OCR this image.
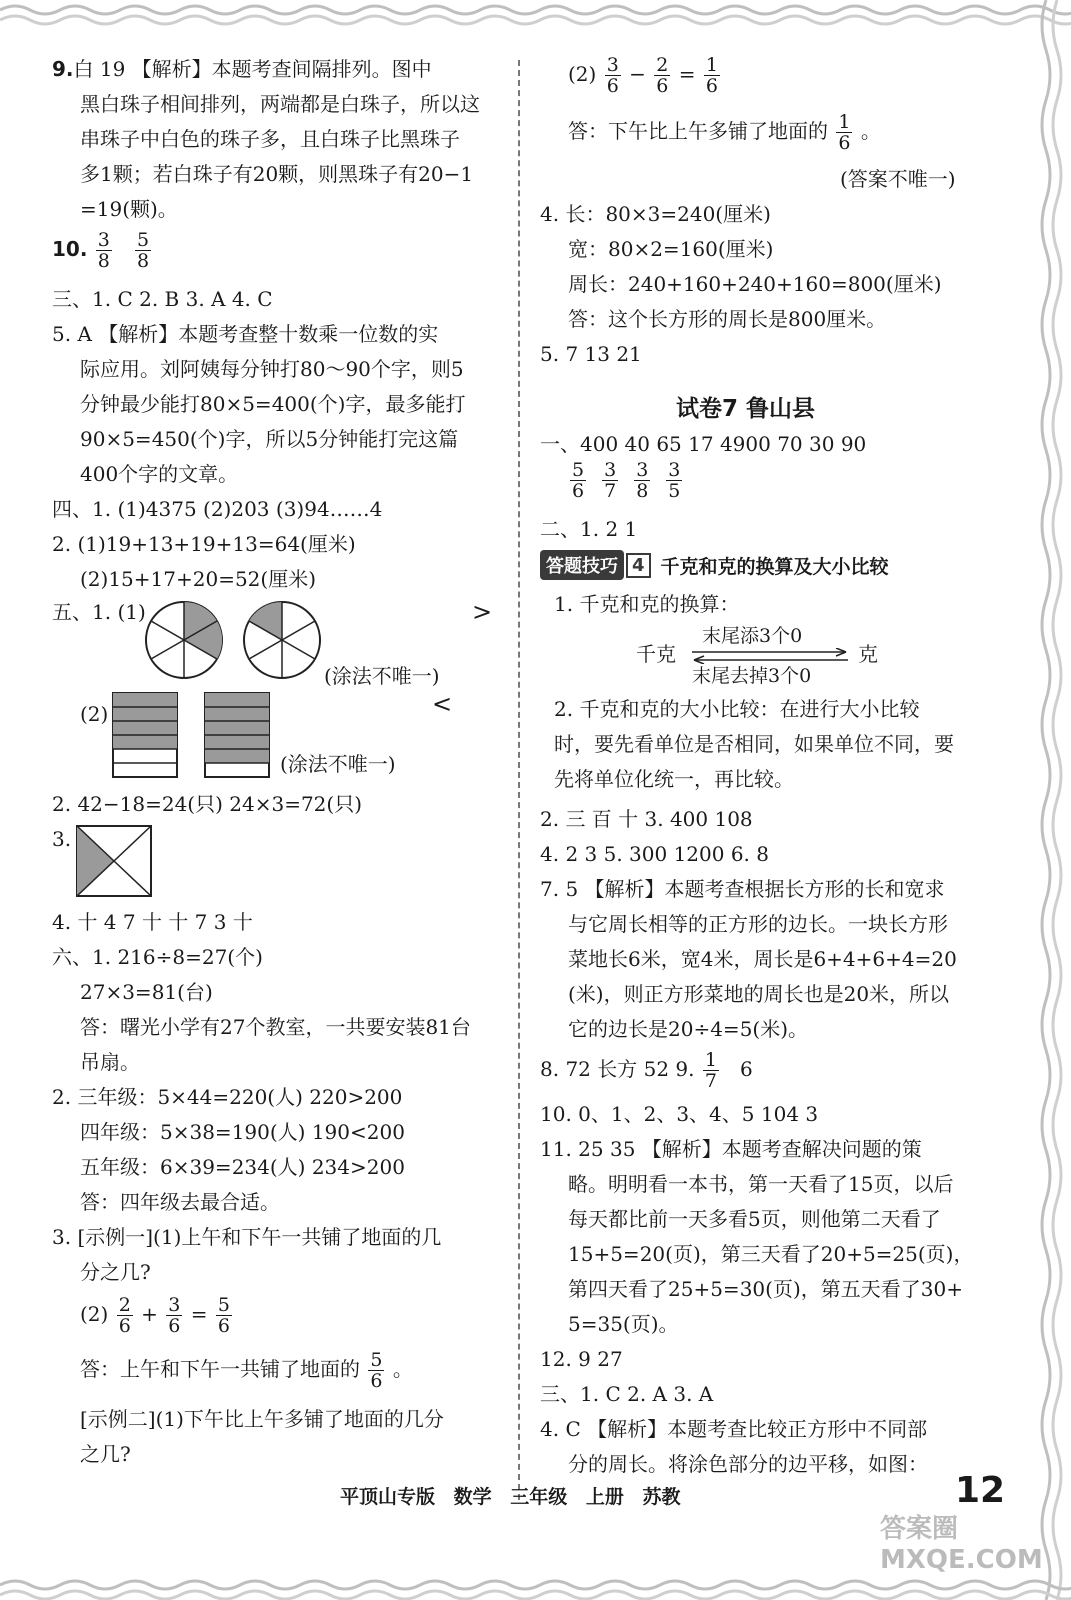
9.白 19 【解析】本题考查间隔排列。图中
黑白珠子相间排列，两端都是白珠子，所以这
串珠子中白色的珠子多，且白珠子比黑珠子
多1颗；若白珠子有20颗，则黑珠子有20−1
=19(颗)。
10. $\frac{3}{8}$
$\frac{5}{8}$
三、1. C 2. B 3. A 4. C
5. A 【解析】本题考查整十数乘一位数的实
际应用。刘阿姨每分钟打80～90个字，则5
分钟最少能打80×5=400(个)字，最多能打
90×5=450(个)字，所以5分钟能打完这篇
400个字的文章。
四、1. (1)4375 (2)203 (3)94……4
2. (1)19+13+19+13=64(厘米)
(2)15+17+20=52(厘米)
五、1. (1)	>
(涂法不唯一)
(2)	<
(涂法不唯一)
2. 42−18=24(只) 24×3=72(只)
3.
4. 十 4 7 十 十 7 3 十
六、1. 216÷8=27(个)
27×3=81(台)
答：曙光小学有27个教室，一共要安装81台
吊扇。
2. 三年级：5×44=220(人) 220>200
四年级：5×38=190(人) 190<200
五年级：6×39=234(人) 234>200
答：四年级去最合适。
3. [示例一](1)上午和下午一共铺了地面的几
分之几?
$(2) \frac{2}{6} + \frac{3}{6} = \frac{5}{6}$
答：上午和下午一共铺了地面的 $\frac{5}{6}$ 。
[示例二](1)下午比上午多铺了地面的几分
之几?
$(2) \frac{3}{6} - \frac{2}{6} = \frac{1}{6}$
答：下午比上午多铺了地面的 $\frac{1}{6}$ 。
(答案不唯一)
4. 长：80×3=240(厘米)
宽：80×2=160(厘米)
周长：240+160+240+160=800(厘米)
答：这个长方形的周长是800厘米。
5. 7 13 21
试卷7 鲁山县
一、400 40 65 17 4900 70 30 90
$\frac{5}{6} \frac{3}{7} \frac{3}{8} \frac{3}{5}$
二、1. 2 1
答题技巧 4 千克和克的换算及大小比较
1. 千克和克的换算：
千克
末尾添3个0
末尾去掉3个0
克
2. 千克和克的大小比较：在进行大小比较
时，要先看单位是否相同，如果单位不同，要
先将单位化统一，再比较。
2. 三 百 十 3. 400 108
4. 2 3 5. 300 1200 6. 8
7. 5 【解析】本题考查根据长方形的长和宽求
与它周长相等的正方形的边长。一块长方形
菜地长6米，宽4米，周长是6+4+6+4=20
(米)，则正方形菜地的周长也是20米，所以
它的边长是20÷4=5(米)。
8. 72 长方 52 9. $\frac{1}{7} 6$
10. 0、1、2、3、4、5 104 3
11. 25 35 【解析】本题考查解决问题的策
略。明明看一本书，第一天看了15页，以后
每天都比前一天多看5页，则他第二天看了
15+5=20(页)，第三天看了20+5=25(页)，
第四天看了25+5=30(页)，第五天看了30+
5=35(页)。
12. 9 27
三、1. C 2. A 3. A
4. C 【解析】本题考查比较正方形中不同部
分的周长。将涂色部分的边平移，如图：
平顶山专版 数学 三年级 上册 苏教	12
答案圈 MXQE.COM
